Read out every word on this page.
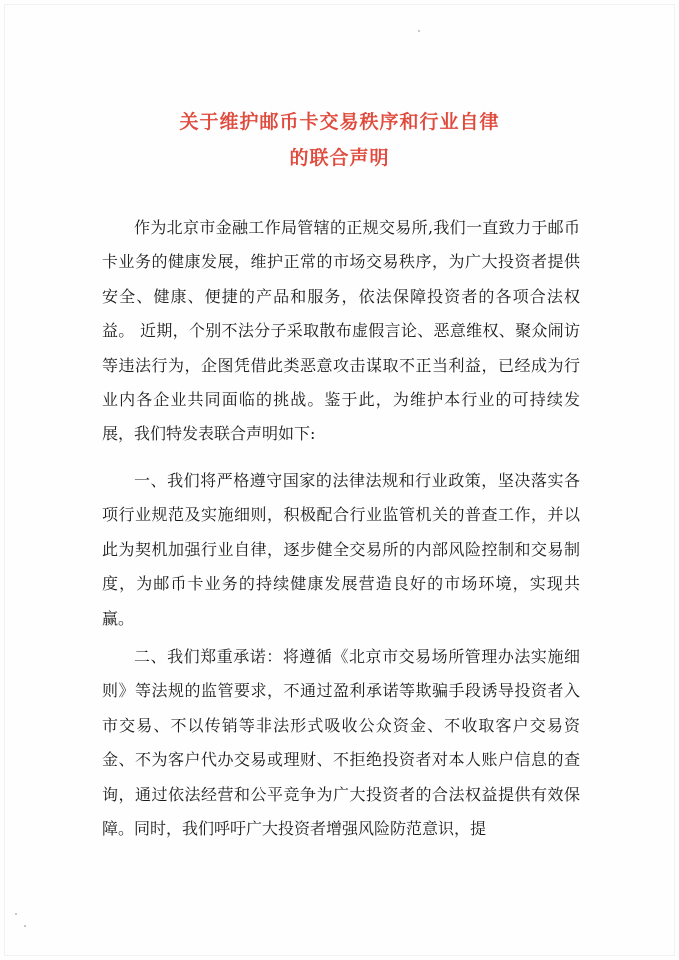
关于维护邮币卡交易秩序和行业自律
的联合声明

作为北京市金融工作局管辖的正规交易所,我们一直致力于邮币卡业务的健康发展，维护正常的市场交易秩序，为广大投资者提供安全、健康、便捷的产品和服务，依法保障投资者的各项合法权益。 近期，个别不法分子采取散布虚假言论、恶意维权、聚众闹访等违法行为，企图凭借此类恶意攻击谋取不正当利益，已经成为行业内各企业共同面临的挑战。鉴于此，为维护本行业的可持续发展，我们特发表联合声明如下:

一、我们将严格遵守国家的法律法规和行业政策，坚决落实各项行业规范及实施细则，积极配合行业监管机关的普查工作，并以此为契机加强行业自律，逐步健全交易所的内部风险控制和交易制度，为邮币卡业务的持续健康发展营造良好的市场环境，实现共赢。

二、我们郑重承诺：将遵循《北京市交易场所管理办法实施细则》等法规的监管要求，不通过盈利承诺等欺骗手段诱导投资者入市交易、不以传销等非法形式吸收公众资金、不收取客户交易资金、不为客户代办交易或理财、不拒绝投资者对本人账户信息的查询，通过依法经营和公平竞争为广大投资者的合法权益提供有效保障。同时，我们呼吁广大投资者增强风险防范意识，提
